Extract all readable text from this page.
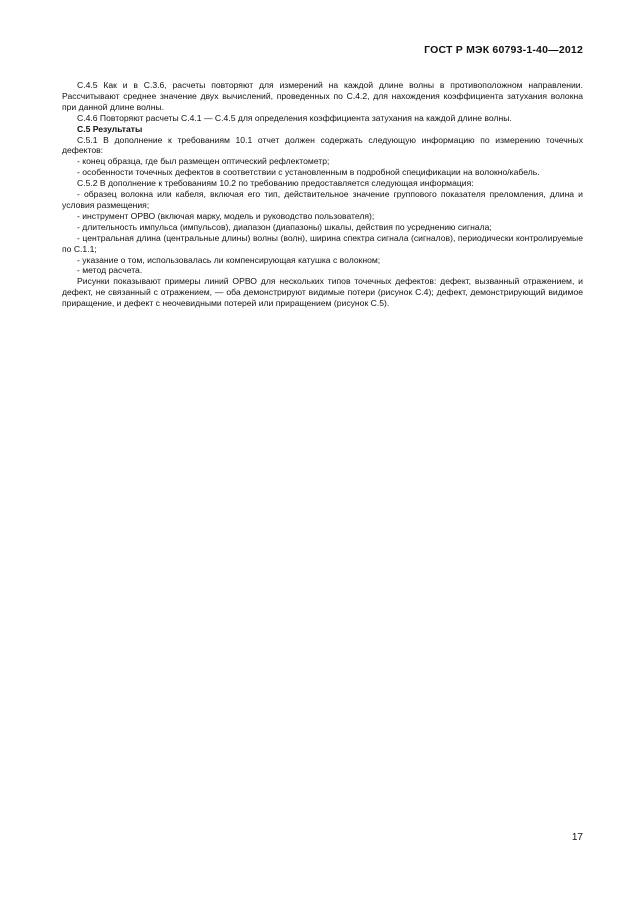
ГОСТ Р МЭК 60793-1-40—2012

C.4.5 Как и в C.3.6, расчеты повторяют для измерений на каждой длине волны в противоположном направлении. Рассчитывают среднее значение двух вычислений, проведенных по C.4.2, для нахождения коэффициента затухания волокна при данной длине волны.

C.4.6 Повторяют расчеты C.4.1 — C.4.5 для определения коэффициента затухания на каждой длине волны.

C.5 Результаты

C.5.1 В дополнение к требованиям 10.1 отчет должен содержать следующую информацию по измерению точечных дефектов:

- конец образца, где был размещен оптический рефлектометр;

- особенности точечных дефектов в соответствии с установленным в подробной спецификации на волокно/кабель.

C.5.2 В дополнение к требованиям 10.2 по требованию предоставляется следующая информация:

- образец волокна или кабеля, включая его тип, действительное значение группового показателя преломления, длина и условия размещения;

- инструмент ОРВО (включая марку, модель и руководство пользователя);

- длительность импульса (импульсов), диапазон (диапазоны) шкалы, действия по усреднению сигнала;

- центральная длина (центральные длины) волны (волн), ширина спектра сигнала (сигналов), периодически контролируемые по C.1.1;

- указание о том, использовалась ли компенсирующая катушка с волокном;

- метод расчета.

Рисунки показывают примеры линий ОРВО для нескольких типов точечных дефектов: дефект, вызванный отражением, и дефект, не связанный с отражением, — оба демонстрируют видимые потери (рисунок C.4); дефект, демонстрирующий видимое приращение, и дефект с неочевидными потерей или приращением (рисунок C.5).

17
